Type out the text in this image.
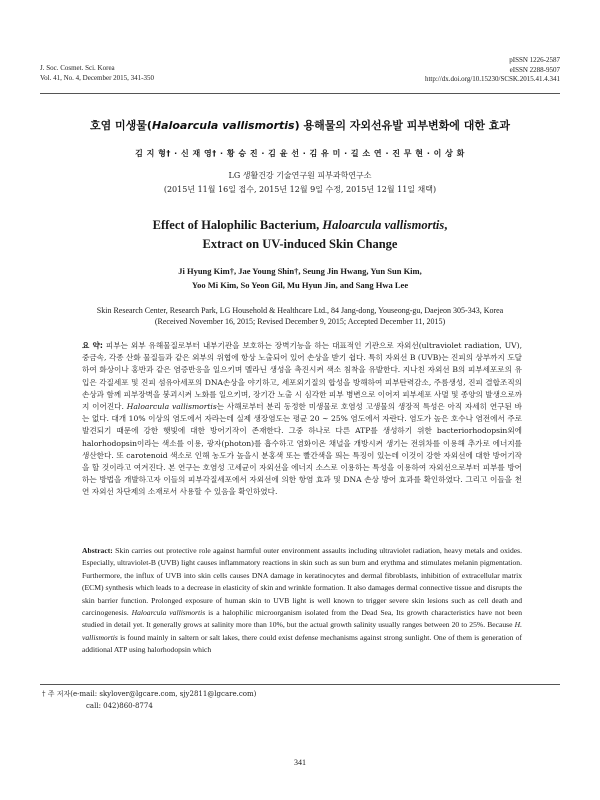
J. Soc. Cosmet. Sci. Korea
Vol. 41, No. 4, December 2015, 341-350
pISSN 1226-2587
eISSN 2288-9507
http://dx.doi.org/10.15230/SCSK.2015.41.4.341
호염 미생물(Haloarcula vallismortis) 용해물의 자외선유발 피부변화에 대한 효과
김 지 형† · 신 재 영† · 황 승 진 · 김 윤 선 · 김 유 미 · 길 소 연 · 진 무 현 · 이 상 화
LG 생활건강 기술연구원 피부과학연구소
(2015년 11월 16일 접수, 2015년 12월 9일 수정, 2015년 12월 11일 채택)
Effect of Halophilic Bacterium, Haloarcula vallismortis,
Extract on UV-induced Skin Change
Ji Hyung Kim†, Jae Young Shin†, Seung Jin Hwang, Yun Sun Kim,
Yoo Mi Kim, So Yeon Gil, Mu Hyun Jin, and Sang Hwa Lee
Skin Research Center, Research Park, LG Household & Healthcare Ltd., 84 Jang-dong, Youseong-gu, Daejeon 305-343, Korea
(Received November 16, 2015; Revised December 9, 2015; Accepted December 11, 2015)
요 약: 피부는 외부 유해물질로부터 내부기관을 보호하는 장벽기능을 하는 대표적인 기관으로 자외선(ultraviolet radiation, UV), 중금속, 각종 산화 물질들과 같은 외부의 위협에 항상 노출되어 있어 손상을 받기 쉽다. 특히 자외선 B (UVB)는 진피의 상부까지 도달하여 화상이나 홍반과 같은 염증반응을 일으키며 멜라닌 생성을 촉진시켜 색소 침착을 유발한다. 지나친 자외선 B의 피부세포로의 유입은 각질세포 및 진피 섬유아세포의 DNA손상을 야기하고, 세포외기질의 합성을 방해하여 피부탄력감소, 주름생성, 진피 결합조직의 손상과 함께 피부장벽을 붕괴시켜 노화를 일으키며, 장기간 노출 시 심각한 피부 병변으로 이어져 피부세포 사멸 및 종양의 발생으로까지 이어진다. Haloarcula vallismortis는 사해로부터 분리 동정한 미생물로 호염성 고생물의 생장적 특성은 아직 자세히 연구된 바는 없다. 대개 10% 이상의 염도에서 자라는데 실제 생장염도는 평균 20 ∼ 25% 염도에서 자란다. 염도가 높은 호수나 염전에서 주로 발견되기 때문에 강한 햇빛에 대한 방어기작이 존재한다. 그중 하나로 다른 ATP를 생성하기 위한 bacteriorhodopsin외에 halorhodopsin이라는 색소를 이용, 광자(photon)를 흡수하고 염화이온 채널을 개방시켜 생기는 전위차를 이용해 추가로 에너지를 생산한다. 또 carotenoid 색소로 인해 농도가 높을시 분홍색 또는 빨간색을 띄는 특징이 있는데 이것이 강한 자외선에 대한 방어기작을 할 것이라고 여겨진다. 본 연구는 호염성 고세균이 자외선을 에너지 소스로 이용하는 특성을 이용하여 자외선으로부터 피부를 방어하는 방법을 개발하고자 이들의 피부각질세포에서 자외선에 의한 항염 효과 및 DNA 손상 방어 효과를 확인하였다. 그리고 이들을 천연 자외선 차단제의 소재로서 사용할 수 있음을 확인하였다.
Abstract: Skin carries out protective role against harmful outer environment assaults including ultraviolet radiation, heavy metals and oxides. Especially, ultraviolet-B (UVB) light causes inflammatory reactions in skin such as sun burn and erythma and stimulates melanin pigmentation. Furthermore, the influx of UVB into skin cells causes DNA damage in keratinocytes and dermal fibroblasts, inhibition of extracellular matrix (ECM) synthesis which leads to a decrease in elasticity of skin and wrinkle formation. It also damages dermal connective tissue and disrupts the skin barrier function. Prolonged exposure of human skin to UVB light is well known to trigger severe skin lesions such as cell death and carcinogenesis. Haloarcula vallismortis is a halophilic microorganism isolated from the Dead Sea, Its growth characteristics have not been studied in detail yet. It generally grows at salinity more than 10%, but the actual growth salinity usually ranges between 20 to 25%. Because H. vallismortis is found mainly in saltern or salt lakes, there could exist defense mechanisms against strong sunlight. One of them is generation of additional ATP using halorhodopsin which
† 주 저자(e-mail: skylover@lgcare.com, sjy2811@lgcare.com)
call: 042)860-8774
341
